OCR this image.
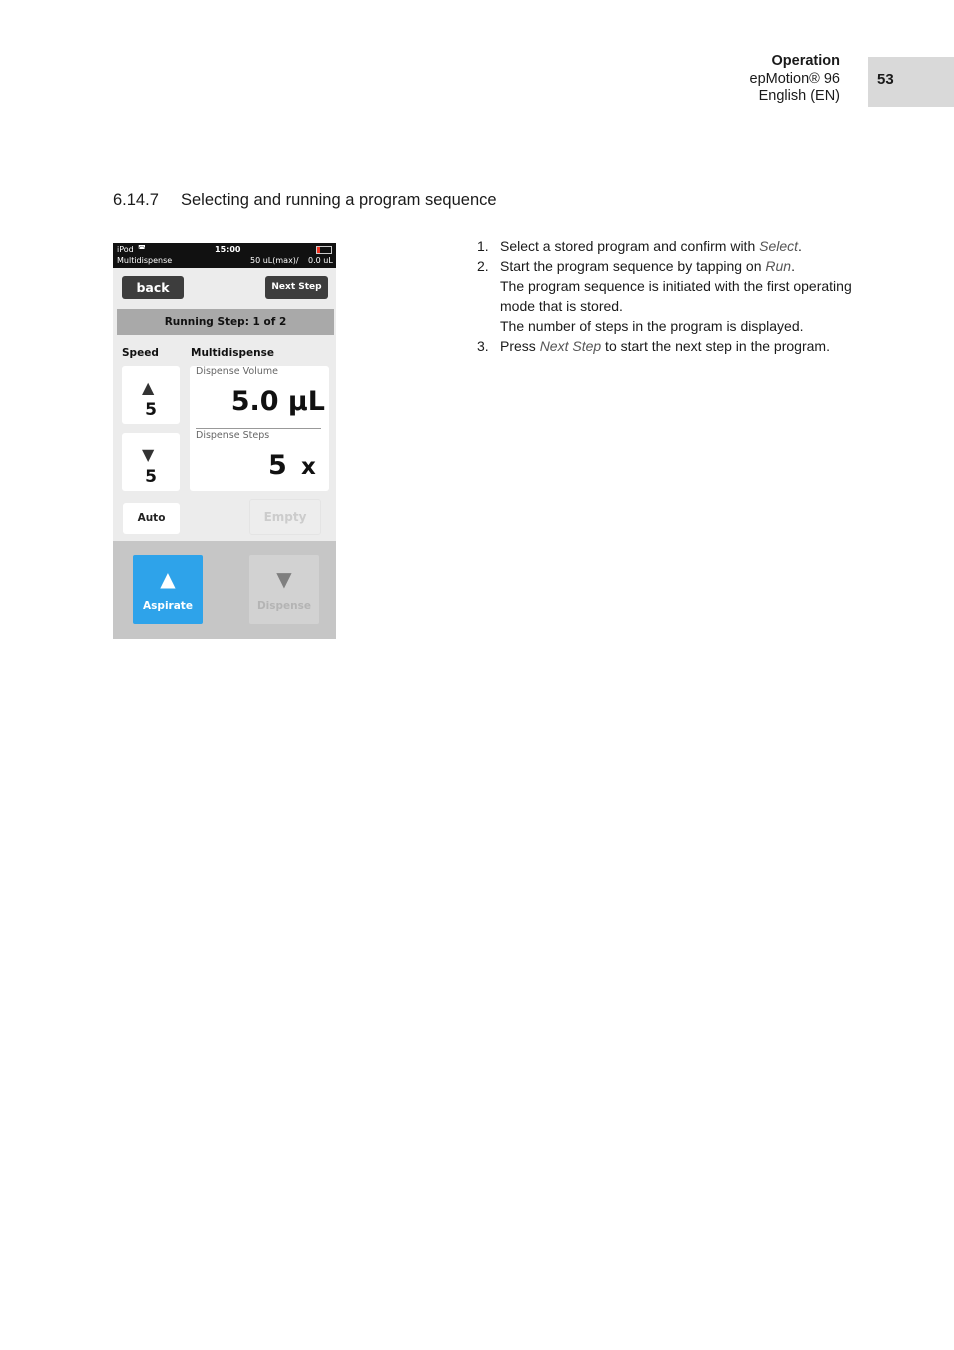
Operation
epMotion® 96
English (EN)
53
6.14.7 Selecting and running a program sequence
iPod ◚
Multidispense
15:00
50 uL(max)/ 0.0 uL
back	Next Step
Running Step: 1 of 2
Speed	Multidispense
▲
5
▼
5
Dispense Volume
5.0 µL
Dispense Steps
5 x
Auto	Empty
▲
Aspirate
▼
Dispense
1. Select a stored program and confirm with Select.
2. Start the program sequence by tapping on Run.
The program sequence is initiated with the first operating mode that is stored.
The number of steps in the program is displayed.
3. Press Next Step to start the next step in the program.
